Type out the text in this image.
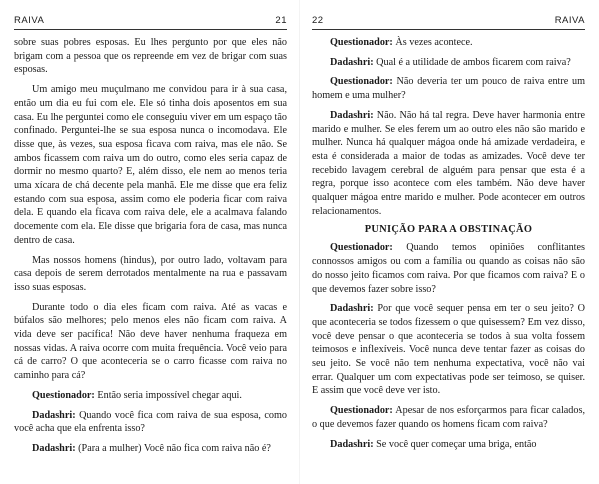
RAIVA	21

sobre suas pobres esposas. Eu lhes pergunto por que eles não brigam com a pessoa que os repreende em vez de brigar com suas esposas.

Um amigo meu muçulmano me convidou para ir à sua casa, então um dia eu fui com ele. Ele só tinha dois aposentos em sua casa. Eu lhe perguntei como ele conseguiu viver em um espaço tão confinado. Perguntei-lhe se sua esposa nunca o incomodava. Ele disse que, às vezes, sua esposa ficava com raiva, mas ele não. Se ambos ficassem com raiva um do outro, como eles seria capaz de dormir no mesmo quarto? E, além disso, ele nem ao menos teria uma xícara de chá decente pela manhã. Ele me disse que era feliz estando com sua esposa, assim como ele poderia ficar com raiva dela. E quando ela ficava com raiva dele, ele a acalmava falando docemente com ela. Ele disse que brigaria fora de casa, mas nunca dentro de casa.

Mas nossos homens (hindus), por outro lado, voltavam para casa depois de serem derrotados mentalmente na rua e passavam isso suas esposas.

Durante todo o dia eles ficam com raiva. Até as vacas e búfalos são melhores; pelo menos eles não ficam com raiva. A vida deve ser pacífica! Não deve haver nenhuma fraqueza em nossas vidas. A raiva ocorre com muita frequência. Você veio para cá de carro? O que aconteceria se o carro ficasse com raiva no caminho para cá?

Questionador: Então seria impossível chegar aqui.

Dadashri: Quando você fica com raiva de sua esposa, como você acha que ela enfrenta isso?

Dadashri: (Para a mulher) Você não fica com raiva não é?

22	RAIVA

Questionador: Às vezes acontece.

Dadashri: Qual é a utilidade de ambos ficarem com raiva?

Questionador: Não deveria ter um pouco de raiva entre um homem e uma mulher?

Dadashri: Não. Não há tal regra. Deve haver harmonia entre marido e mulher. Se eles ferem um ao outro eles não são marido e mulher. Nunca há qualquer mágoa onde há amizade verdadeira, e esta é considerada a maior de todas as amizades. Você deve ter recebido lavagem cerebral de alguém para pensar que esta é a regra, porque isso acontece com eles também. Não deve haver qualquer mágoa entre marido e mulher. Pode acontecer em outros relacionamentos.

PUNIÇÃO PARA A OBSTINAÇÃO

Questionador: Quando temos opiniões conflitantes connossos amigos ou com a família ou quando as coisas não são do nosso jeito ficamos com raiva. Por que ficamos com raiva? E o que devemos fazer sobre isso?

Dadashri: Por que você sequer pensa em ter o seu jeito? O que aconteceria se todos fizessem o que quisessem? Em vez disso, você deve pensar o que aconteceria se todos à sua volta fossem teimosos e inflexíveis. Você nunca deve tentar fazer as coisas do seu jeito. Se você não tem nenhuma expectativa, você não vai errar. Qualquer um com expectativas pode ser teimoso, se quiser. E assim que você deve ver isto.

Questionador: Apesar de nos esforçarmos para ficar calados, o que devemos fazer quando os homens ficam com raiva?

Dadashri: Se você quer começar uma briga, então
